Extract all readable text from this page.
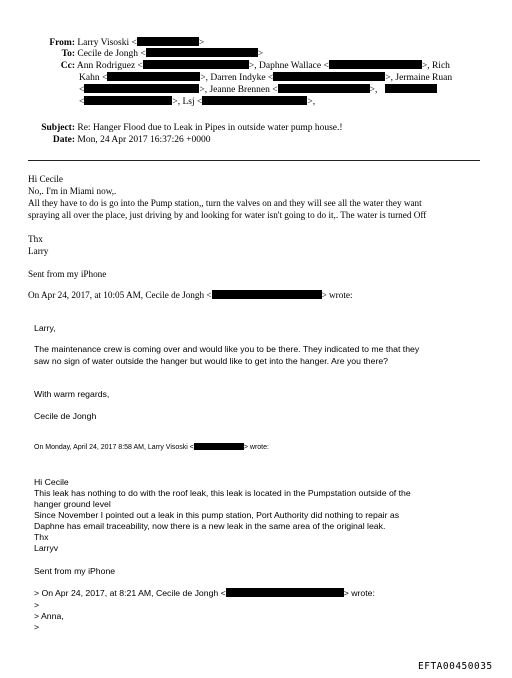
From: Larry Visoski <	>
To: Cecile de Jongh <	>
Cc: Ann Rodriguez <	>, Daphne Wallace <	>, Rich
Kahn <	>, Darren Indyke <	>, Jermaine Ruan
<	>, Jeanne Brennen <	>,
<	>, Lsj <	>,
Subject: Re: Hanger Flood due to Leak in Pipes in outside water pump house.!
Date: Mon, 24 Apr 2017 16:37:26 +0000
Hi Cecile
No,. I'm in Miami now,.
All they have to do is go into the Pump station,, turn the valves on and they will see all the water they want
spraying all over the place, just driving by and looking for water isn't going to do it,. The water is turned Off
Thx
Larry
Sent from my iPhone
On Apr 24, 2017, at 10:05 AM, Cecile de Jongh <	> wrote:
Larry,
The maintenance crew is coming over and would like you to be there. They indicated to me that they
saw no sign of water outside the hanger but would like to get into the hanger. Are you there?
With warm regards,
Cecile de Jongh
On Monday, April 24, 2017 8:58 AM, Larry Visoski <	> wrote:
Hi Cecile
This leak has nothing to do with the roof leak, this leak is located in the Pumpstation outside of the
hanger ground level
Since November I pointed out a leak in this pump station, Port Authority did nothing to repair as
Daphne has email traceability, now there is a new leak in the same area of the original leak.
Thx
Larryv
Sent from my iPhone
> On Apr 24, 2017, at 8:21 AM, Cecile de Jongh <	> wrote:
>
> Anna,
>
EFTA00450035
